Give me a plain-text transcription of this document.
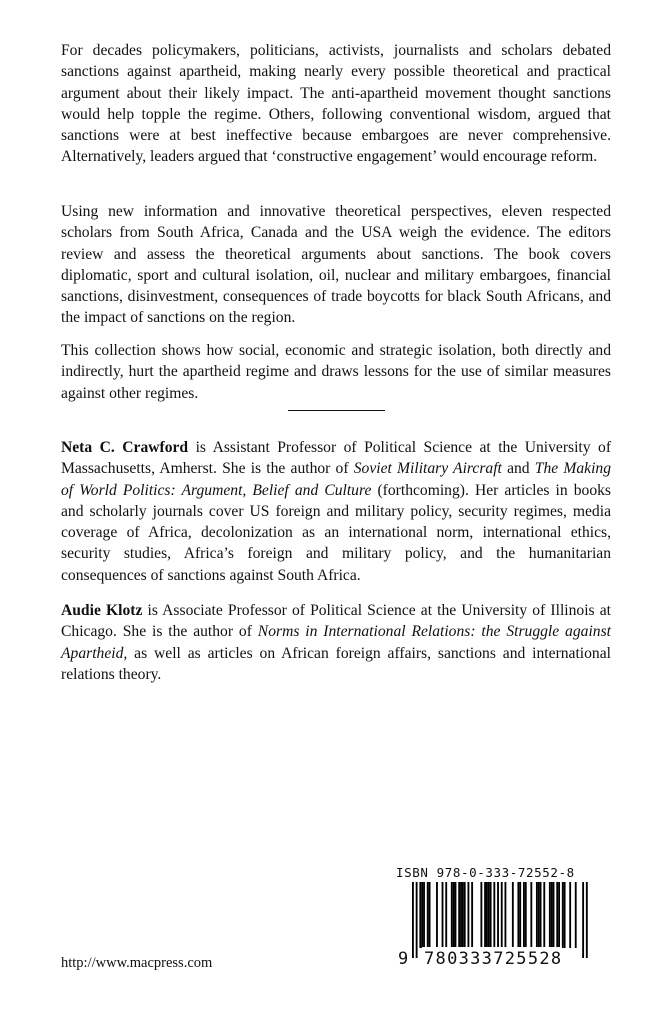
For decades policymakers, politicians, activists, journalists and scholars debated sanctions against apartheid, making nearly every possible theoretical and practical argument about their likely impact. The anti-apartheid movement thought sanctions would help topple the regime. Others, following conventional wisdom, argued that sanctions were at best ineffective because embargoes are never comprehensive. Alternatively, leaders argued that ‘constructive engagement’ would encourage reform.

Using new information and innovative theoretical perspectives, eleven respected scholars from South Africa, Canada and the USA weigh the evidence. The editors review and assess the theoretical arguments about sanctions. The book covers diplomatic, sport and cultural isolation, oil, nuclear and military embargoes, financial sanctions, disinvestment, consequences of trade boycotts for black South Africans, and the impact of sanctions on the region.

This collection shows how social, economic and strategic isolation, both directly and indirectly, hurt the apartheid regime and draws lessons for the use of similar measures against other regimes.

Neta C. Crawford is Assistant Professor of Political Science at the University of Massachusetts, Amherst. She is the author of Soviet Military Aircraft and The Making of World Politics: Argument, Belief and Culture (forthcoming). Her articles in books and scholarly journals cover US foreign and military policy, security regimes, media coverage of Africa, decolonization as an international norm, international ethics, security studies, Africa’s foreign and military policy, and the humanitarian consequences of sanctions against South Africa.

Audie Klotz is Associate Professor of Political Science at the University of Illinois at Chicago. She is the author of Norms in International Relations: the Struggle against Apartheid, as well as articles on African foreign affairs, sanctions and international relations theory.

http://www.macpress.com
ISBN 978-0-333-72552-8
9 780333725528
